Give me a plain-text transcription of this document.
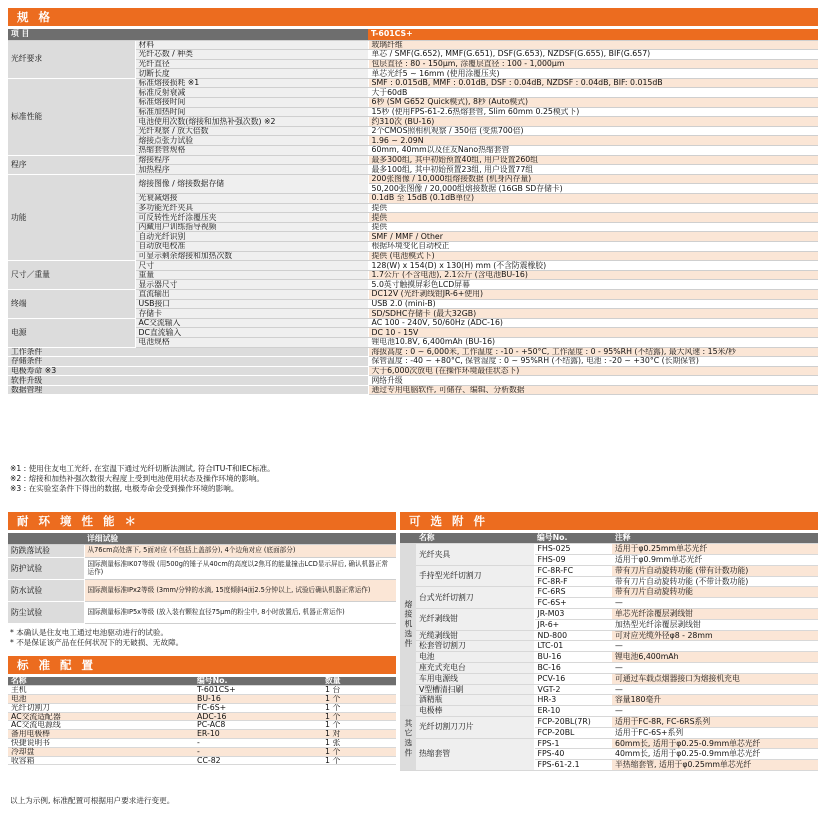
规 格
项 目		T-601CS+
光纤要求	材料	玻璃纤维
	光纤芯数 / 种类	单芯 / SMF(G.652), MMF(G.651), DSF(G.653), NZDSF(G.655), BIF(G.657)
	光纤直径	包层直径 : 80 - 150μm, 涂覆层直径 : 100 - 1,000μm
	切断长度	单芯光纤5 ~ 16mm (使用涂覆压夹)
标准性能	标准熔接损耗 ※1	SMF : 0.015dB, MMF : 0.01dB, DSF : 0.04dB, NZDSF : 0.04dB, BIF: 0.015dB
	标准反射衰减	大于60dB
	标准熔接时间	6秒 (SM G652 Quick模式), 8秒 (Auto模式)
	标准加热时间	15秒 (使用FPS-61-2.6热熔套管, Slim 60mm 0.25模式下)
	电池使用次数(熔接和加热补强次数) ※2	约310次 (BU-16)
	光纤观察 / 放大倍数	2个CMOS照相机观察 / 350倍 (变焦700倍)
	熔接点张力试验	1.96 ~ 2.09N
	热缩套管规格	60mm, 40mm以及住友Nano热缩套管
程序	熔接程序	最多300组, 其中初始预置40组, 用户设置260组
	加热程序	最多100组, 其中初始预置23组, 用户设置77组
功能	熔接图像 / 熔接数据存储	200张图像 / 10,000组熔接数据 (机身内存量)
		50,200张图像 / 20,000组熔接数据 (16GB SD存储卡)
	光衰减熔接	0.1dB 至 15dB (0.1dB单位)
	多功能光纤夹具	提供
	可反转性光纤涂覆压夹	提供
	内藏用户训练指导视频	提供
	自动光纤识别	SMF / MMF / Other
	自动放电校准	根据环境变化自动校正
	可显示剩余熔接和加热次数	提供 (电池模式下)
尺寸／重量	尺寸	128(W) x 154(D) x 130(H) mm (不含防震橡胶)
	重量	1.7公斤 (不含电池), 2.1公斤 (含电池BU-16)
	显示器尺寸	5.0英寸触摸屏彩色LCD屏幕
终端	直流输出	DC12V (光纤剥线钳JR-6+使用)
	USB接口	USB 2.0 (mini-B)
	存储卡	SD/SDHC存储卡 (最大32GB)
电源	AC交流输入	AC 100 - 240V, 50/60Hz (ADC-16)
	DC直流输入	DC 10 - 15V
	电池规格	锂电池10.8V, 6,400mAh (BU-16)
工作条件		海拔高度 : 0 ~ 6,000米, 工作温度 : -10 - +50°C, 工作湿度 : 0 - 95%RH (不结露), 最大风速 : 15米/秒
存储条件		保管温度 : -40 ~ +80°C, 保管湿度 : 0 ~ 95%RH (不结露), 电池 : -20 ~ +30°C (长期保管)
电极寿命 ※3		大于6,000次放电 (在操作环境最佳状态下)
软件升级		网络升级
数据管理		通过专用电脑软件, 可储存、编辑、分析数据
※1 : 使用住友电工光纤, 在室温下通过光纤切断法测试, 符合ITU-T和IEC标准。
※2 : 熔接和加热补强次数很大程度上受到电池使用状态及操作环境的影响。
※3 : 在实验室条件下得出的数据, 电极寿命会受到操作环境的影响。
耐 环 境 性 能 ＊
	详细试验
防跌落试验	从76cm高处落下, 5面对应 (不包括上盖部分), 4个边角对应 (底面部分)
防护试验	国际测量标准IK07等级 (用500g的锤子从40cm的高度以2焦耳的能量撞击LCD显示屏后, 确认机器正常运作)
防水试验	国际测量标准IPx2等级 (3mm/分钟的水滴, 15度倾斜4面2.5分钟以上, 试验后确认机器正常运作)
防尘试验	国际测量标准IP5x等级 (放入装有颗粒直径75μm的粉尘中, 8小时放置后, 机器正常运作)
* 本确认是住友电工通过电池驱动进行的试验。
* 不是保证该产品在任何状况下的无破损、无故障。
标 准 配 置
名称	编号No.	数量
主机	T-601CS+	1 台
电池	BU-16	1 个
光纤切割刀	FC-6S+	1 个
AC交流适配器	ADC-16	1 个
AC交流电源线	PC-AC8	1 个
备用电极棒	ER-10	1 对
快捷说明书	-	1 张
冷却盘	-	1 个
收容箱	CC-82	1 个
以上为示例, 标准配置可根据用户要求进行变更。
可 选 附 件
	名称	编号No.	注释
熔接机选件	光纤夹具	FHS-025	适用于φ0.25mm单芯光纤
		FHS-09	适用于φ0.9mm单芯光纤
	手持型光纤切割刀	FC-8R-FC	带有刀片自动旋转功能 (带有计数功能)
		FC-8R-F	带有刀片自动旋转功能 (不带计数功能)
	台式光纤切割刀	FC-6RS	带有刀片自动旋转功能
		FC-6S+	—
	光纤剥线钳	JR-M03	单芯光纤涂覆层剥线钳
		JR-6+	加热型光纤涂覆层剥线钳
	光缆剥线钳	ND-800	可对应光缆外径φ8 - 28mm
	松套管切割刀	LTC-01	—
	电池	BU-16	锂电池6,400mAh
	座充式充电台	BC-16	—
	车用电源线	PCV-16	可通过车载点烟器接口为熔接机充电
	V型槽清扫刷	VGT-2	—
	酒精瓶	HR-3	容量180毫升
其它选件	电极棒	ER-10	—
	光纤切割刀刀片	FCP-20BL(7R)	适用于FC-8R, FC-6RS系列
		FCP-20BL	适用于FC-6S+系列
	热缩套管	FPS-1	60mm长, 适用于φ0.25-0.9mm单芯光纤
		FPS-40	40mm长, 适用于φ0.25-0.9mm单芯光纤
		FPS-61-2.1	半热缩套管, 适用于φ0.25mm单芯光纤
